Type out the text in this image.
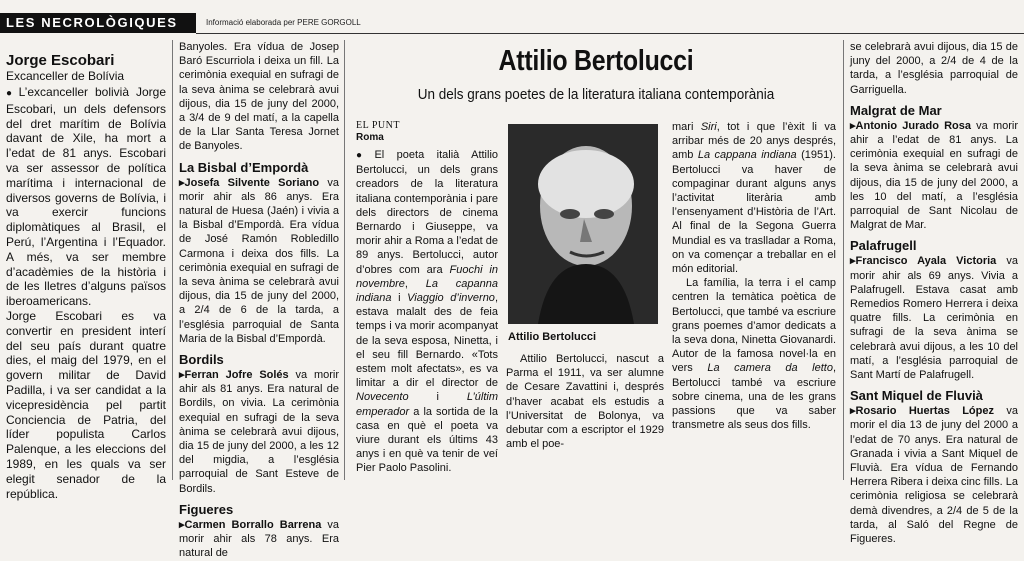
LES NECROLÒGIQUES	Informació elaborada per PERE GORGOLL
Jorge Escobari
Excanceller de Bolívia

● L’excanceller bolivià Jorge Escobari, un dels defensors del dret marítim de Bolívia davant de Xile, ha mort a l’edat de 81 anys. Escobari va ser assessor de política marítima i internacional de diversos governs de Bolívia, i va exercir funcions diplomàtiques al Brasil, el Perú, l’Argentina i l’Equador. A més, va ser membre d’acadèmies de la història i de les lletres d’alguns països iberoamericans.

Jorge Escobari es va convertir en president interí del seu país durant quatre dies, el maig del 1979, en el govern militar de David Padilla, i va ser candidat a la vicepresidència pel partit Conciencia de Patria, del líder populista Carlos Palenque, a les eleccions del 1989, en les quals va ser elegit senador de la república.

Banyoles. Era vídua de Josep Baró Escurriola i deixa un fill. La cerimònia exequial en sufragi de la seva ànima se celebrarà avui dijous, dia 15 de juny del 2000, a 3/4 de 9 del matí, a la capella de la Llar Santa Teresa Jornet de Banyoles.

La Bisbal d’Empordà

▸Josefa Silvente Soriano va morir ahir als 86 anys. Era natural de Huesa (Jaén) i vivia a la Bisbal d’Empordà. Era vídua de José Ramón Robledillo Carmona i deixa dos fills. La cerimònia exequial en sufragi de la seva ànima se celebrarà avui dijous, dia 15 de juny del 2000, a 2/4 de 6 de la tarda, a l’església parroquial de Santa Maria de la Bisbal d’Empordà.

Bordils

▸Ferran Jofre Solés va morir ahir als 81 anys. Era natural de Bordils, on vivia. La cerimònia exequial en sufragi de la seva ànima se celebrarà avui dijous, dia 15 de juny del 2000, a les 12 del migdia, a l’església parroquial de Sant Esteve de Bordils.

Figueres

▸Carmen Borrallo Barrena va morir ahir als 78 anys. Era natural de

Attilio Bertolucci
Un dels grans poetes de la literatura italiana contemporània
EL PUNT
Roma

● El poeta italià Attilio Bertolucci, un dels grans creadors de la literatura italiana contemporània i pare dels directors de cinema Bernardo i Giuseppe, va morir ahir a Roma a l’edat de 89 anys. Bertolucci, autor d’obres com ara Fuochi in novembre, La capanna indiana i Viaggio d’inverno, estava malalt des de feia temps i va morir acompanyat de la seva esposa, Ninetta, i el seu fill Bernardo. «Tots estem molt afectats», es va limitar a dir el director de Novecento i L’últim emperador a la sortida de la casa en què el poeta va viure durant els últims 43 anys i en què va tenir de veí Pier Paolo Pasolini.

Attilio Bertolucci

Attilio Bertolucci, nascut a Parma el 1911, va ser alumne de Cesare Zavattini i, després d’haver acabat els estudis a l’Universitat de Bolonya, va debutar com a escriptor el 1929 amb el poe-

mari Siri, tot i que l’èxit li va arribar més de 20 anys després, amb La cappana indiana (1951). Bertolucci va haver de compaginar durant alguns anys l’activitat literària amb l’ensenyament d’Història de l’Art. Al final de la Segona Guerra Mundial es va traslladar a Roma, on va començar a treballar en el món editorial.

La família, la terra i el camp centren la temàtica poètica de Bertolucci, que també va escriure grans poemes d’amor dedicats a la seva dona, Ninetta Giovanardi. Autor de la famosa novel·la en vers La camera da letto, Bertolucci també va escriure sobre cinema, una de les grans passions que va saber transmetre als seus dos fills.

se celebrarà avui dijous, dia 15 de juny del 2000, a 2/4 de 4 de la tarda, a l’església parroquial de Garriguella.

Malgrat de Mar

▸Antonio Jurado Rosa va morir ahir a l’edat de 81 anys. La cerimònia exequial en sufragi de la seva ànima se celebrarà avui dijous, dia 15 de juny del 2000, a les 10 del matí, a l’església parroquial de Sant Nicolau de Malgrat de Mar.

Palafrugell

▸Francisco Ayala Victoria va morir ahir als 69 anys. Vivia a Palafrugell. Estava casat amb Remedios Romero Herrera i deixa quatre fills. La cerimònia en sufragi de la seva ànima se celebrarà avui dijous, a les 10 del matí, a l’església parroquial de Sant Martí de Palafrugell.

Sant Miquel de Fluvià

▸Rosario Huertas López va morir el dia 13 de juny del 2000 a l’edat de 70 anys. Era natural de Granada i vivia a Sant Miquel de Fluvià. Era vídua de Fernando Herrera Ribera i deixa cinc fills. La cerimònia religiosa se celebrarà demà divendres, a 2/4 de 5 de la tarda, al Saló del Regne de Figueres.
